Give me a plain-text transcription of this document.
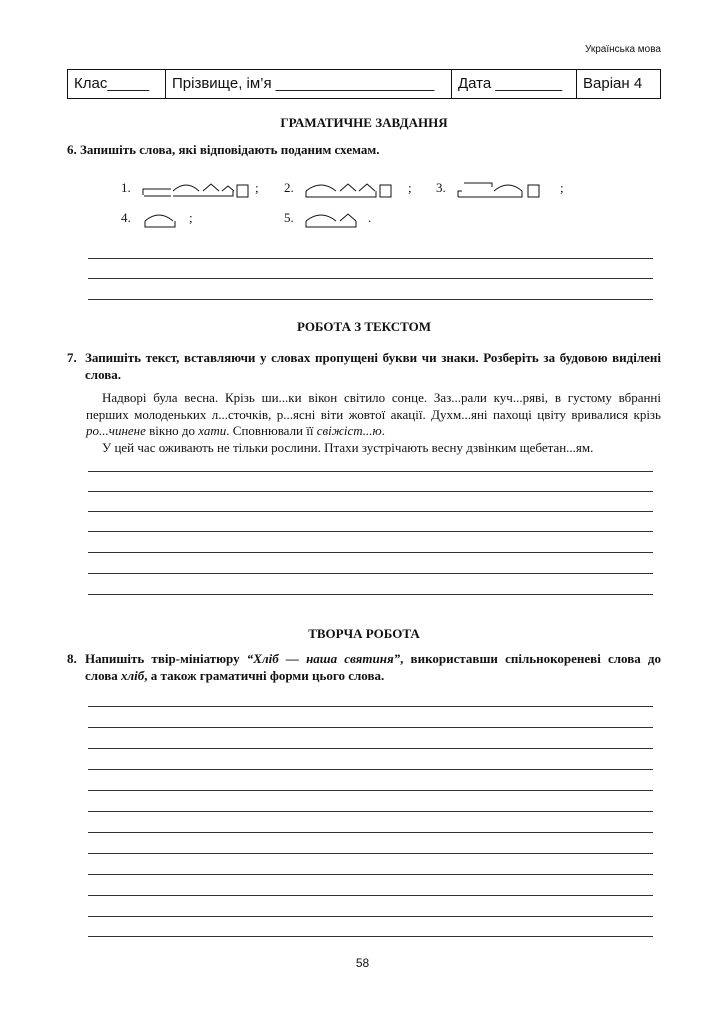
Українська мова
Клас_____	Прізвище, ім’я ___________________	Дата ________	Варіан 4
ГРАМАТИЧНЕ ЗАВДАННЯ
6. Запишіть слова, які відповідають поданим схемам.
1.	; 2.	; 3.	;
4.	;	5.	.
РОБОТА З ТЕКСТОМ
7. Запишіть текст, вставляючи у словах пропущені букви чи знаки. Розберіть за будовою виділені слова.

Надворі була весна. Крізь ши...ки вікон світило сонце. Заз...рали куч...ряві, в густому вбранні перших молоденьких л...сточків, р...ясні віти жовтої акації. Духм...яні пахощі цвіту вривалися крізь ро...чинене вікно до хати. Сповнювали її свіжіст...ю.

У цей час оживають не тільки рослини. Птахи зустрічають весну дзвінким щебетан...ям.

ТВОРЧА РОБОТА
8. Напишіть твір-мініатюру “Хліб — наша святиня”, використавши спільнокореневі слова до слова хліб, а також граматичні форми цього слова.
58
